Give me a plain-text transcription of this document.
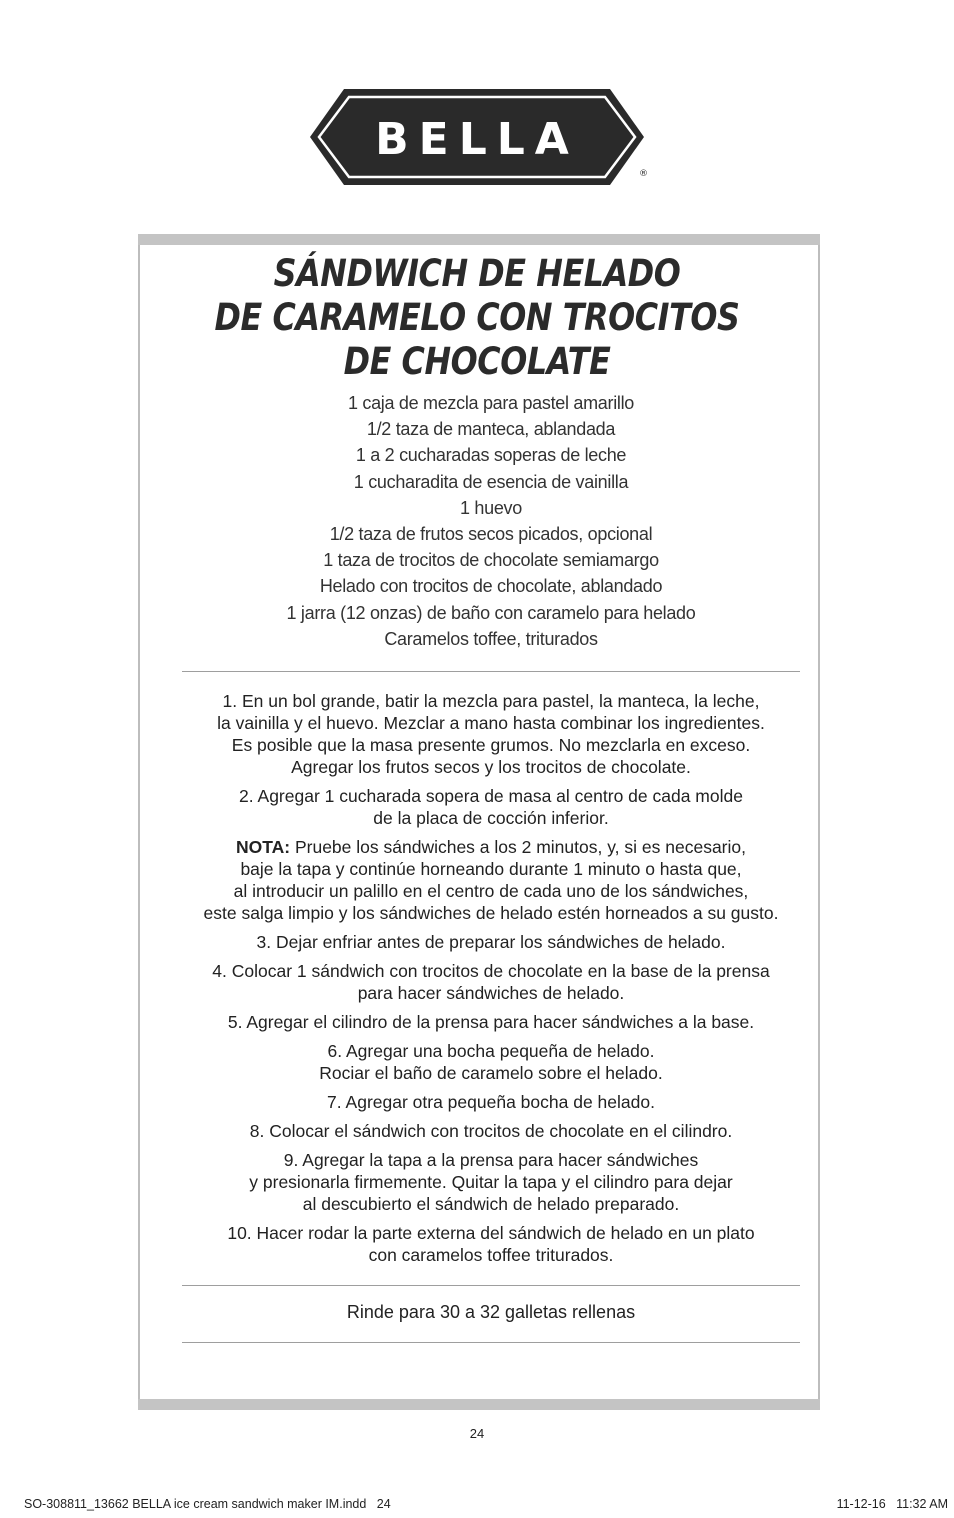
BELLA
®
SÁNDWICH DE HELADO
DE CARAMELO CON TROCITOS
DE CHOCOLATE
1 caja de mezcla para pastel amarillo
1/2 taza de manteca, ablandada
1 a 2 cucharadas soperas de leche
1 cucharadita de esencia de vainilla
1 huevo
1/2 taza de frutos secos picados, opcional
1 taza de trocitos de chocolate semiamargo
Helado con trocitos de chocolate, ablandado
1 jarra (12 onzas) de baño con caramelo para helado
Caramelos toffee, triturados
1. En un bol grande, batir la mezcla para pastel, la manteca, la leche,
la vainilla y el huevo. Mezclar a mano hasta combinar los ingredientes.
Es posible que la masa presente grumos. No mezclarla en exceso.
Agregar los frutos secos y los trocitos de chocolate.
2. Agregar 1 cucharada sopera de masa al centro de cada molde
de la placa de cocción inferior.
NOTA: Pruebe los sándwiches a los 2 minutos, y, si es necesario,
baje la tapa y continúe horneando durante 1 minuto o hasta que,
al introducir un palillo en el centro de cada uno de los sándwiches,
este salga limpio y los sándwiches de helado estén horneados a su gusto.
3. Dejar enfriar antes de preparar los sándwiches de helado.
4. Colocar 1 sándwich con trocitos de chocolate en la base de la prensa
para hacer sándwiches de helado.
5. Agregar el cilindro de la prensa para hacer sándwiches a la base.
6. Agregar una bocha pequeña de helado.
Rociar el baño de caramelo sobre el helado.
7. Agregar otra pequeña bocha de helado.
8. Colocar el sándwich con trocitos de chocolate en el cilindro.
9. Agregar la tapa a la prensa para hacer sándwiches
y presionarla firmemente. Quitar la tapa y el cilindro para dejar
al descubierto el sándwich de helado preparado.
10. Hacer rodar la parte externa del sándwich de helado en un plato
con caramelos toffee triturados.
Rinde para 30 a 32 galletas rellenas
24
SO-308811_13662 BELLA ice cream sandwich maker IM.indd   24	11-12-16   11:32 AM
